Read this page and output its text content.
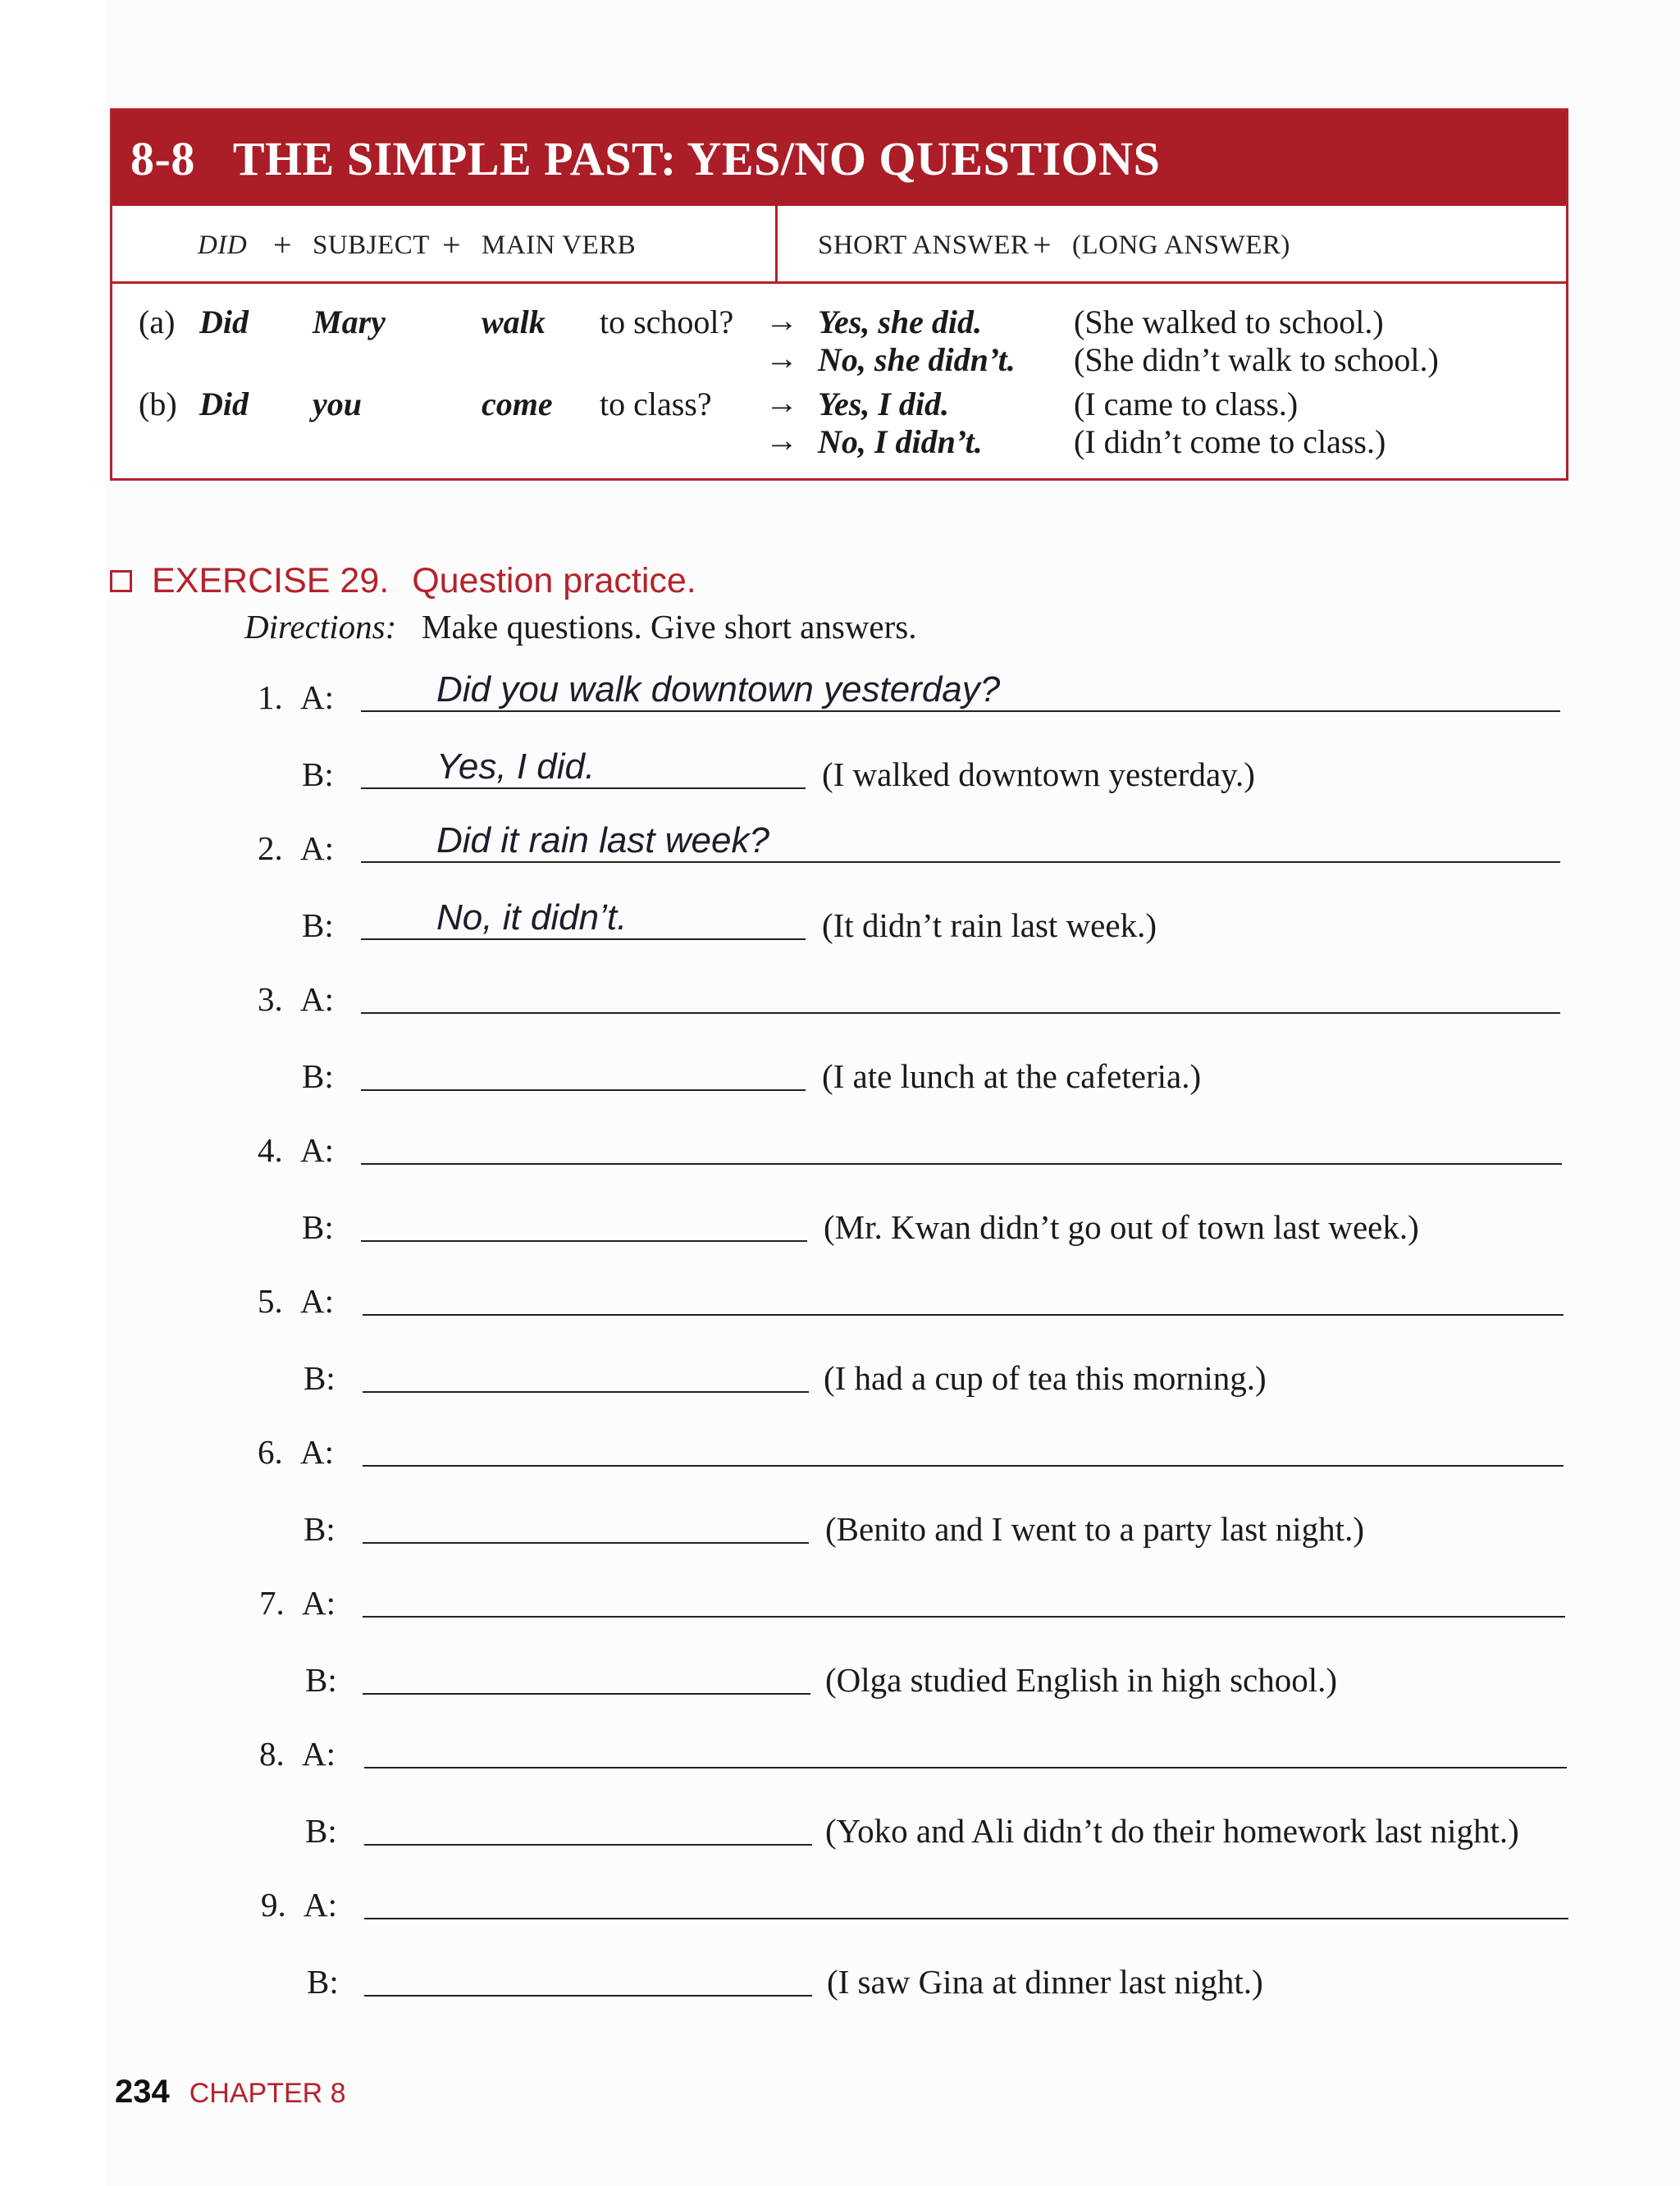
8-8 THE SIMPLE PAST: YES/NO QUESTIONS
DID + SUBJECT + MAIN VERB	SHORT ANSWER + (LONG ANSWER)
(a) Did Mary	walk to school? → Yes, she did.	(She walked to school.)
→ No, she didn’t. (She didn’t walk to school.)
(b) Did you	come to class? → Yes, I did.	(I came to class.)
→ No, I didn’t.	(I didn’t come to class.)
EXERCISE 29. Question practice.
Directions: Make questions. Give short answers.
1. A:	Did you walk downtown yesterday?
B:	Yes, I did.	(I walked downtown yesterday.)
2. A:	Did it rain last week?
B:	No, it didn’t.	(It didn’t rain last week.)
3. A:
B:	(I ate lunch at the cafeteria.)
4. A:
B:	(Mr. Kwan didn’t go out of town last week.)
5. A:
B:	(I had a cup of tea this morning.)
6. A:
B:	(Benito and I went to a party last night.)
7. A:
B:	(Olga studied English in high school.)
8. A:
B:	(Yoko and Ali didn’t do their homework last night.)
9. A:
B:	(I saw Gina at dinner last night.)
234 CHAPTER 8
